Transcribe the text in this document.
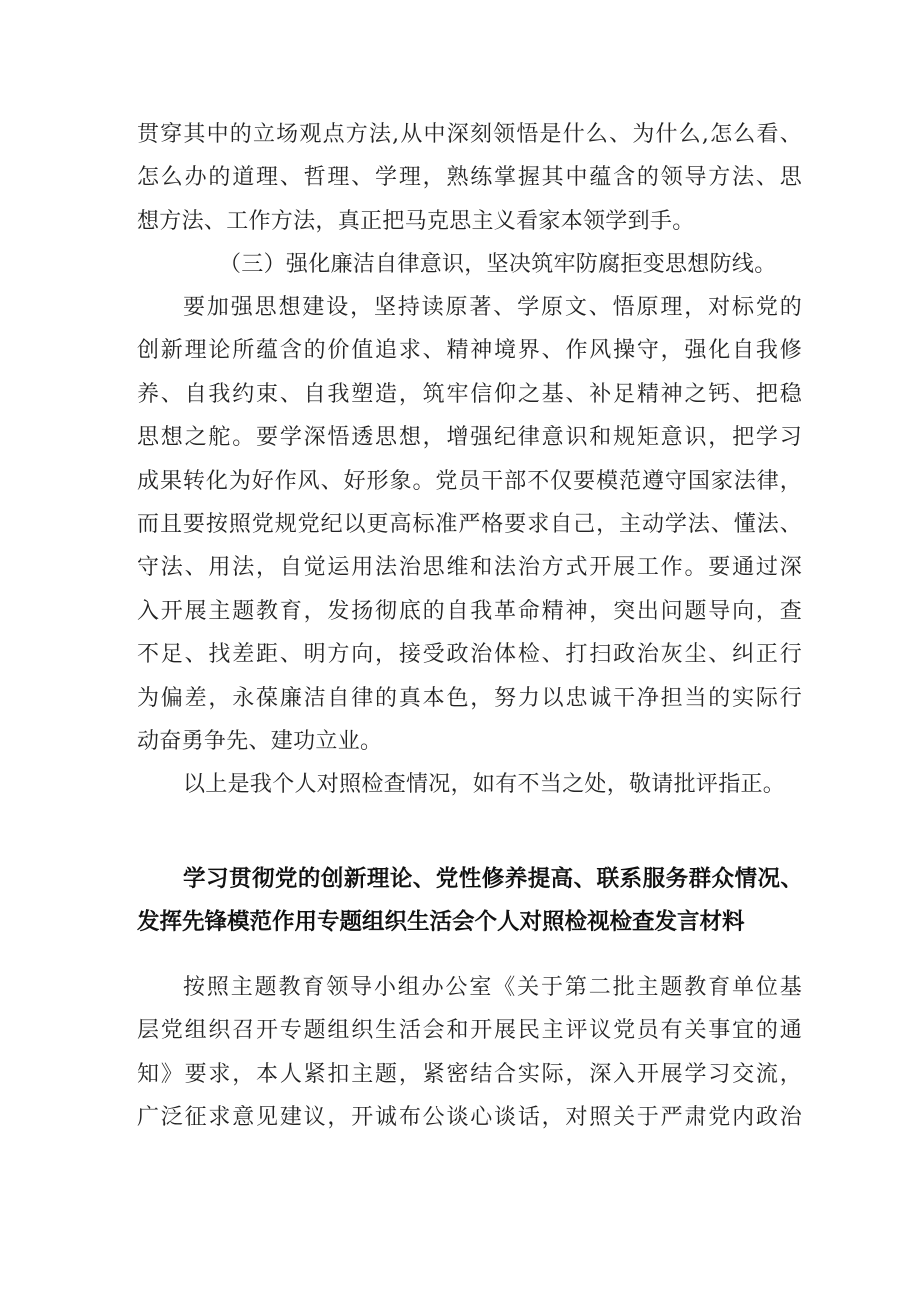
贯穿其中的立场观点方法,从中深刻领悟是什么、为什么,怎么看、
怎么办的道理、哲理、学理，熟练掌握其中蕴含的领导方法、思
想方法、工作方法，真正把马克思主义看家本领学到手。
（三）强化廉洁自律意识，坚决筑牢防腐拒变思想防线。
要加强思想建设，坚持读原著、学原文、悟原理，对标党的
创新理论所蕴含的价值追求、精神境界、作风操守，强化自我修
养、自我约束、自我塑造，筑牢信仰之基、补足精神之钙、把稳
思想之舵。要学深悟透思想，增强纪律意识和规矩意识，把学习
成果转化为好作风、好形象。党员干部不仅要模范遵守国家法律，
而且要按照党规党纪以更高标准严格要求自己，主动学法、懂法、
守法、用法，自觉运用法治思维和法治方式开展工作。要通过深
入开展主题教育，发扬彻底的自我革命精神，突出问题导向，查
不足、找差距、明方向，接受政治体检、打扫政治灰尘、纠正行
为偏差，永葆廉洁自律的真本色，努力以忠诚干净担当的实际行
动奋勇争先、建功立业。
以上是我个人对照检查情况，如有不当之处，敬请批评指正。
学习贯彻党的创新理论、党性修养提高、联系服务群众情况、
发挥先锋模范作用专题组织生活会个人对照检视检查发言材料
按照主题教育领导小组办公室《关于第二批主题教育单位基
层党组织召开专题组织生活会和开展民主评议党员有关事宜的通
知》要求，本人紧扣主题，紧密结合实际，深入开展学习交流，
广泛征求意见建议，开诚布公谈心谈话，对照关于严肃党内政治
